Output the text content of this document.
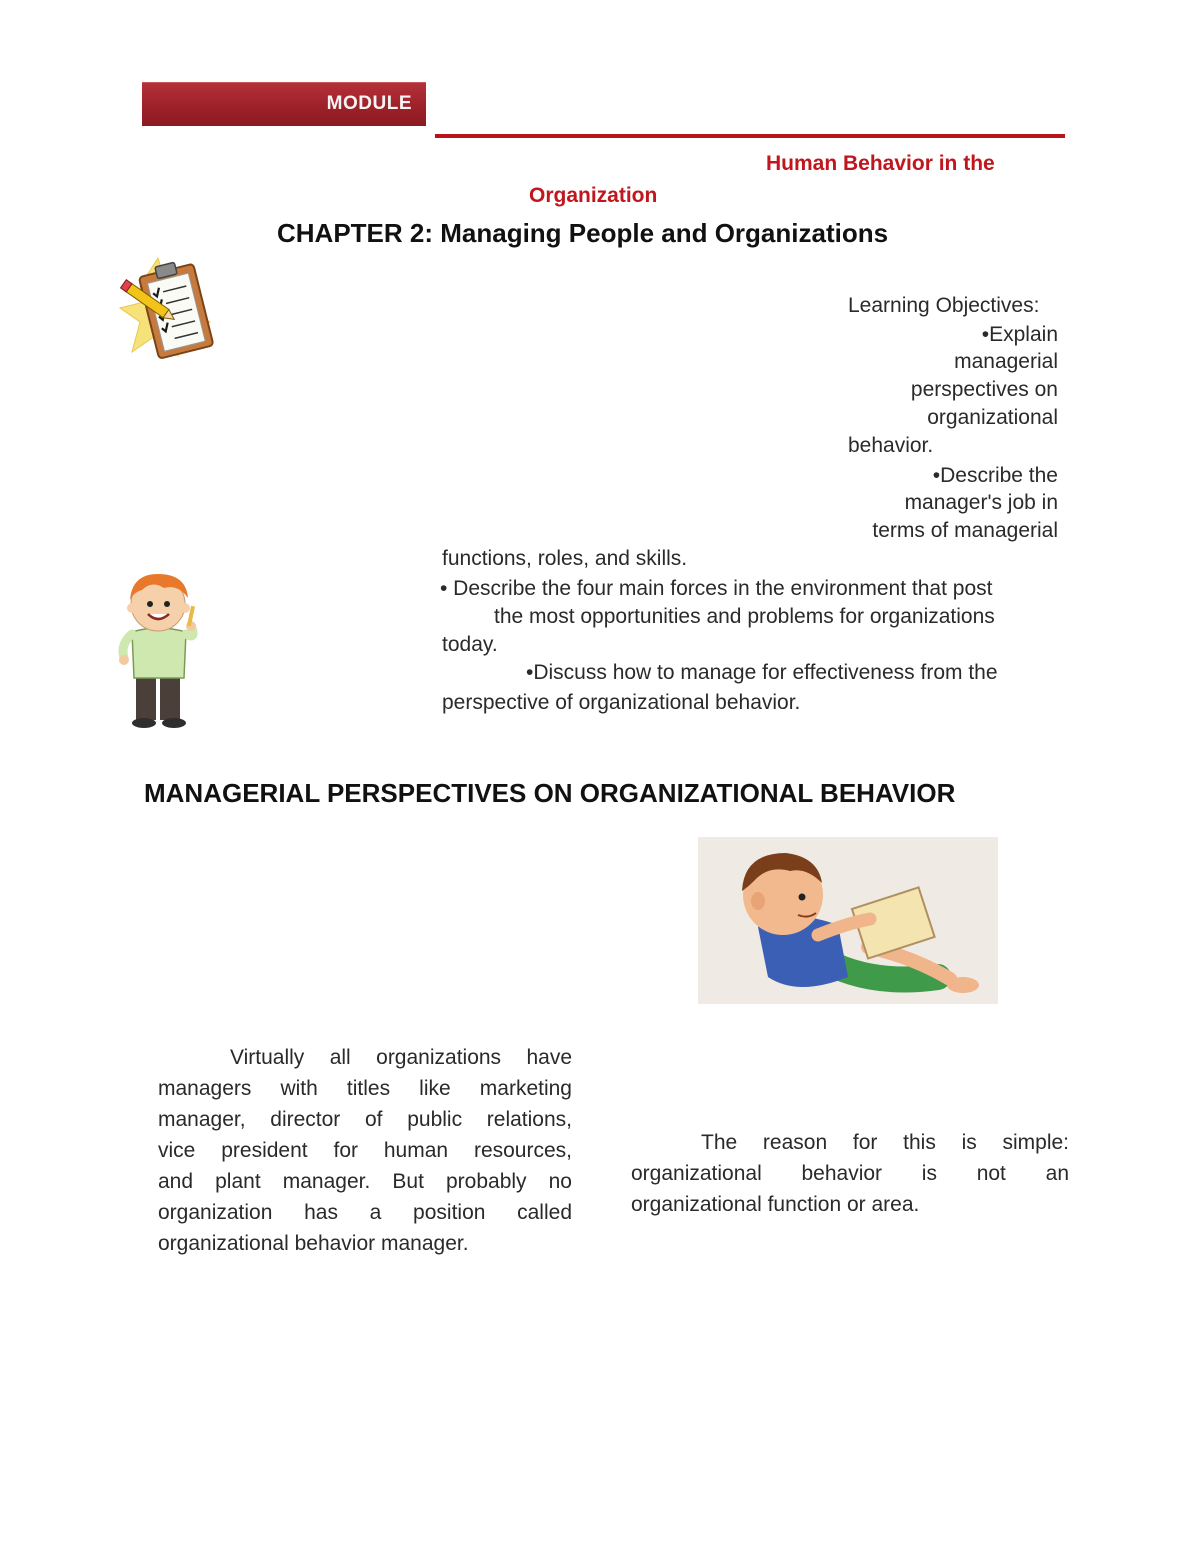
MODULE
Human Behavior in the
Organization
CHAPTER 2: Managing People and Organizations
Learning Objectives:
•Explain
managerial
perspectives on
organizational
behavior.
•Describe the
manager's job in
terms of managerial
functions, roles, and skills.
• Describe the four main forces in the environment that post
the most opportunities and problems for organizations
today.
•Discuss how to manage for effectiveness from the
perspective of organizational behavior.
MANAGERIAL PERSPECTIVES ON ORGANIZATIONAL BEHAVIOR
Virtually all organizations have
managers with titles like marketing
manager, director of public relations,
vice president for human resources,
and plant manager. But probably no
organization has a position called
organizational behavior manager.
The reason for this is simple:
organizational behavior is not an
organizational function or area.
